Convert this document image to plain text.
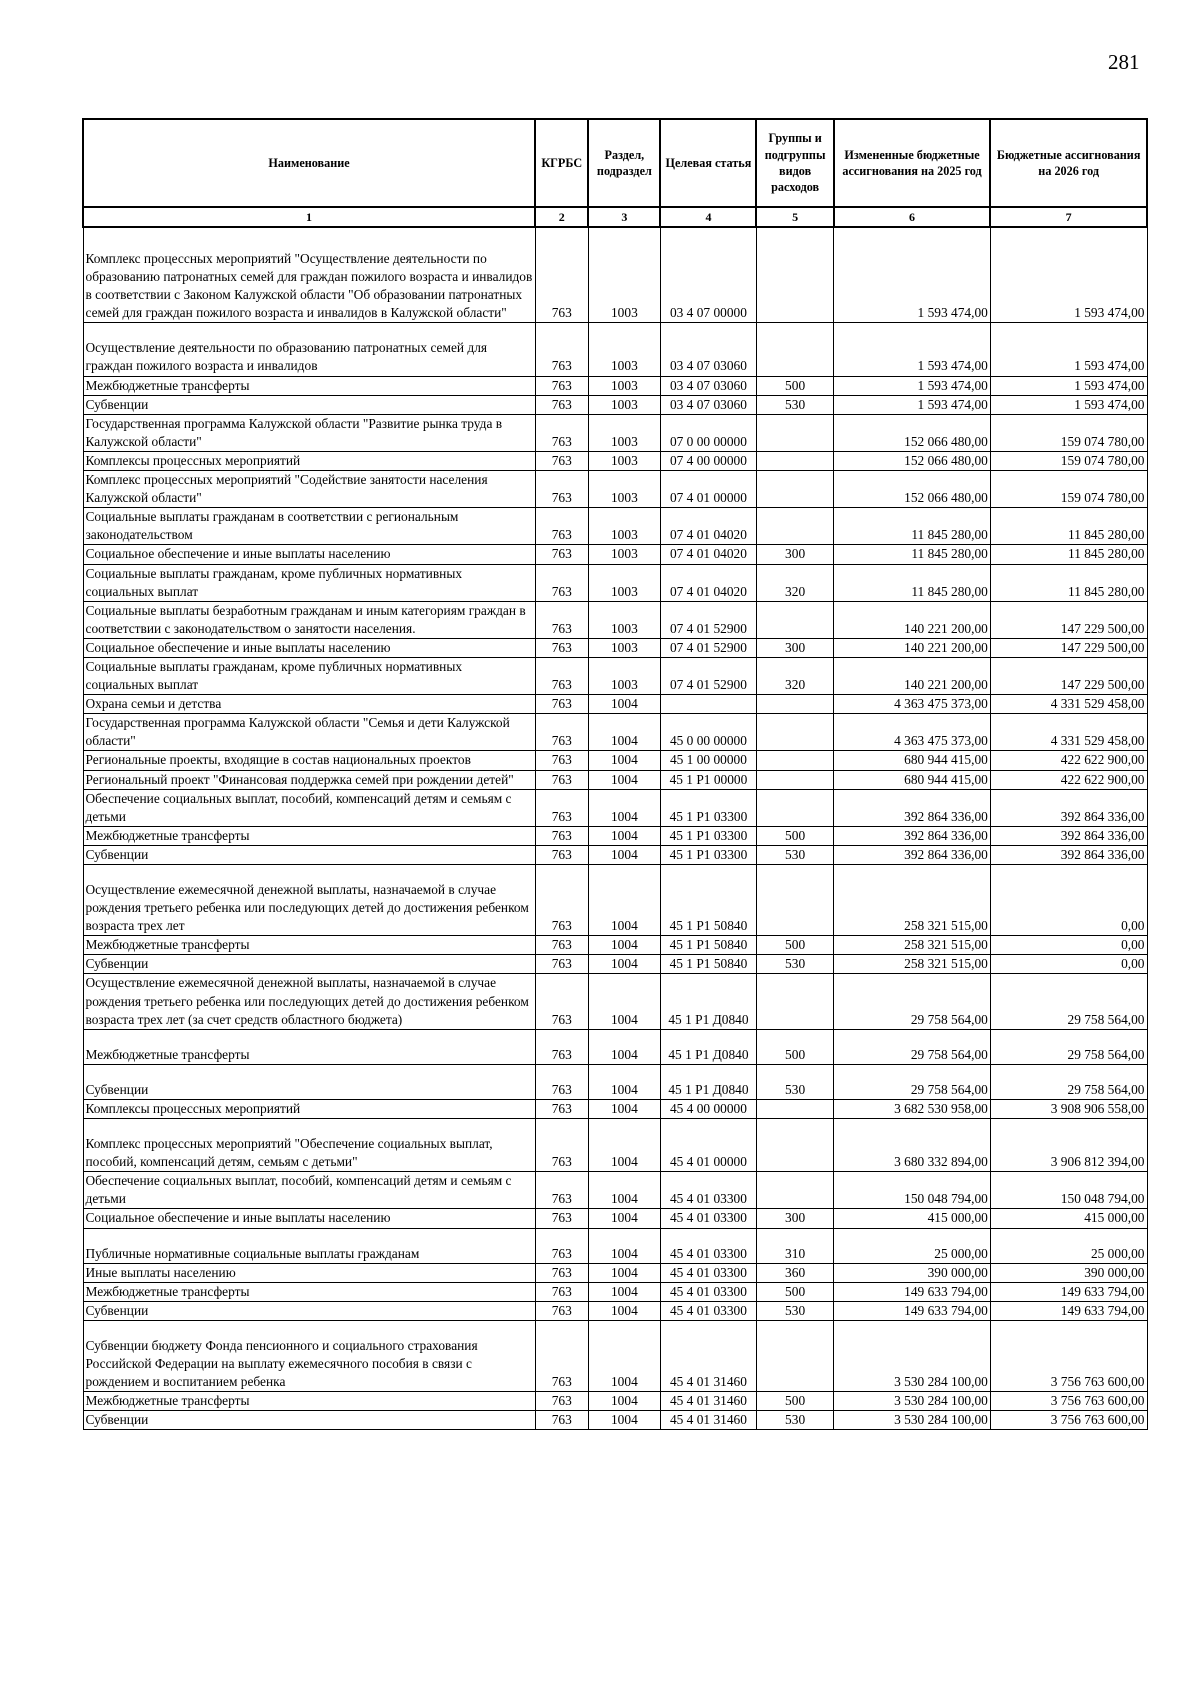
281
Наименование	КГРБС	Раздел, подраздел	Целевая статья	Группы и подгруппы видов расходов	Измененные бюджетные ассигнования на 2025 год	Бюджетные ассигнования на 2026 год
1	2	3	4	5	6	7
Комплекс процессных мероприятий "Осуществление деятельности по образованию патронатных семей для граждан пожилого возраста и инвалидов в соответствии с Законом Калужской области "Об образовании патронатных семей для граждан пожилого возраста и инвалидов в Калужской области"	763	1003	03 4 07 00000		1 593 474,00	1 593 474,00
Осуществление деятельности по образованию патронатных семей для граждан пожилого возраста и инвалидов	763	1003	03 4 07 03060		1 593 474,00	1 593 474,00
Межбюджетные трансферты	763	1003	03 4 07 03060	500	1 593 474,00	1 593 474,00
Субвенции	763	1003	03 4 07 03060	530	1 593 474,00	1 593 474,00
Государственная программа Калужской области "Развитие рынка труда в Калужской области"	763	1003	07 0 00 00000		152 066 480,00	159 074 780,00
Комплексы процессных мероприятий	763	1003	07 4 00 00000		152 066 480,00	159 074 780,00
Комплекс процессных мероприятий "Содействие занятости населения Калужской области"	763	1003	07 4 01 00000		152 066 480,00	159 074 780,00
Социальные выплаты гражданам в соответствии с региональным законодательством	763	1003	07 4 01 04020		11 845 280,00	11 845 280,00
Социальное обеспечение и иные выплаты населению	763	1003	07 4 01 04020	300	11 845 280,00	11 845 280,00
Социальные выплаты гражданам, кроме публичных нормативных социальных выплат	763	1003	07 4 01 04020	320	11 845 280,00	11 845 280,00
Социальные выплаты безработным гражданам и иным категориям граждан в соответствии с законодательством о занятости населения.	763	1003	07 4 01 52900		140 221 200,00	147 229 500,00
Социальное обеспечение и иные выплаты населению	763	1003	07 4 01 52900	300	140 221 200,00	147 229 500,00
Социальные выплаты гражданам, кроме публичных нормативных социальных выплат	763	1003	07 4 01 52900	320	140 221 200,00	147 229 500,00
Охрана семьи и детства	763	1004			4 363 475 373,00	4 331 529 458,00
Государственная программа Калужской области "Семья и дети Калужской области"	763	1004	45 0 00 00000		4 363 475 373,00	4 331 529 458,00
Региональные проекты, входящие в состав национальных проектов	763	1004	45 1 00 00000		680 944 415,00	422 622 900,00
Региональный проект "Финансовая поддержка семей при рождении детей"	763	1004	45 1 Р1 00000		680 944 415,00	422 622 900,00
Обеспечение социальных выплат, пособий, компенсаций детям и семьям с детьми	763	1004	45 1 Р1 03300		392 864 336,00	392 864 336,00
Межбюджетные трансферты	763	1004	45 1 Р1 03300	500	392 864 336,00	392 864 336,00
Субвенции	763	1004	45 1 Р1 03300	530	392 864 336,00	392 864 336,00
Осуществление ежемесячной денежной выплаты, назначаемой в случае рождения третьего ребенка или последующих детей до достижения ребенком возраста трех лет	763	1004	45 1 Р1 50840		258 321 515,00	0,00
Межбюджетные трансферты	763	1004	45 1 Р1 50840	500	258 321 515,00	0,00
Субвенции	763	1004	45 1 Р1 50840	530	258 321 515,00	0,00
Осуществление ежемесячной денежной выплаты, назначаемой в случае рождения третьего ребенка или последующих детей до достижения ребенком возраста трех лет (за счет средств областного бюджета)	763	1004	45 1 Р1 Д0840		29 758 564,00	29 758 564,00
Межбюджетные трансферты	763	1004	45 1 Р1 Д0840	500	29 758 564,00	29 758 564,00
Субвенции	763	1004	45 1 Р1 Д0840	530	29 758 564,00	29 758 564,00
Комплексы процессных мероприятий	763	1004	45 4 00 00000		3 682 530 958,00	3 908 906 558,00
Комплекс процессных мероприятий "Обеспечение социальных выплат, пособий, компенсаций детям, семьям с детьми"	763	1004	45 4 01 00000		3 680 332 894,00	3 906 812 394,00
Обеспечение социальных выплат, пособий, компенсаций детям и семьям с детьми	763	1004	45 4 01 03300		150 048 794,00	150 048 794,00
Социальное обеспечение и иные выплаты населению	763	1004	45 4 01 03300	300	415 000,00	415 000,00
Публичные нормативные социальные выплаты гражданам	763	1004	45 4 01 03300	310	25 000,00	25 000,00
Иные выплаты населению	763	1004	45 4 01 03300	360	390 000,00	390 000,00
Межбюджетные трансферты	763	1004	45 4 01 03300	500	149 633 794,00	149 633 794,00
Субвенции	763	1004	45 4 01 03300	530	149 633 794,00	149 633 794,00
Субвенции бюджету Фонда пенсионного и социального страхования Российской Федерации на выплату ежемесячного пособия в связи с рождением и воспитанием ребенка	763	1004	45 4 01 31460		3 530 284 100,00	3 756 763 600,00
Межбюджетные трансферты	763	1004	45 4 01 31460	500	3 530 284 100,00	3 756 763 600,00
Субвенции	763	1004	45 4 01 31460	530	3 530 284 100,00	3 756 763 600,00
